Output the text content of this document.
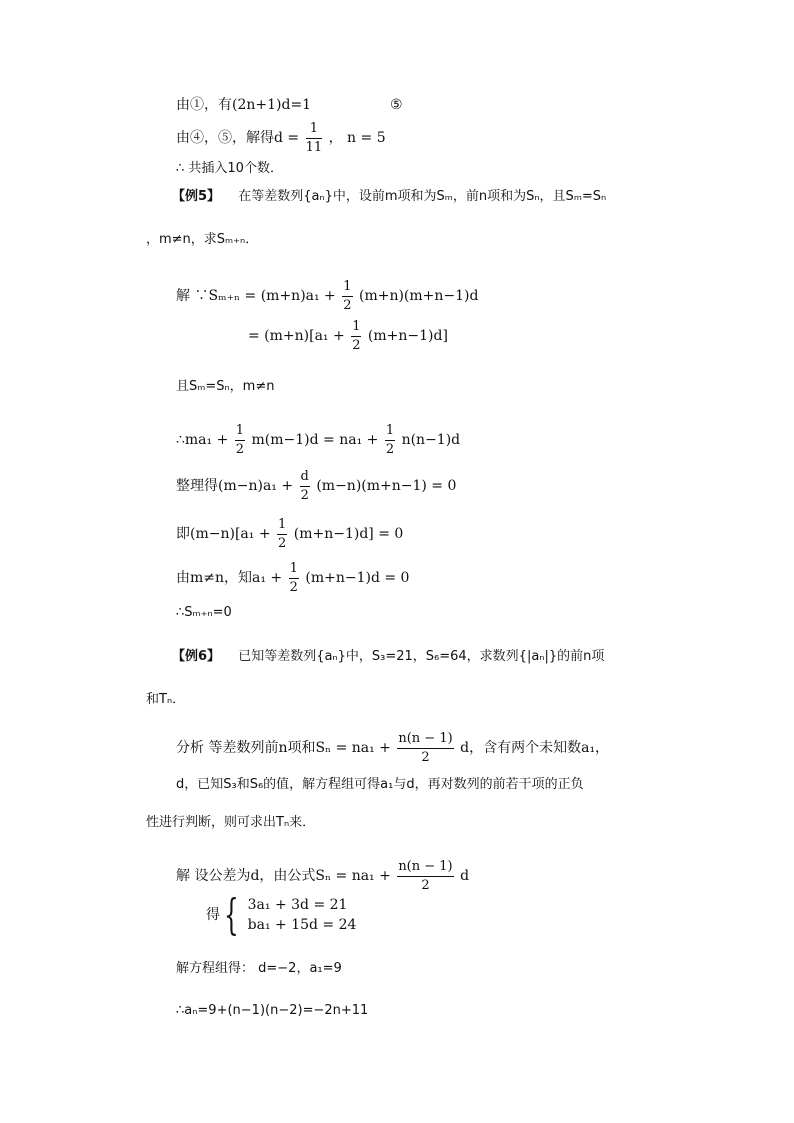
由①，有(2n+1)d=1	⑤
由④，⑤，解得$d = \frac{1}{11}$ ， n = 5
∴ 共插入10个数．
【例5】 在等差数列{aₙ}中，设前m项和为Sₘ，前n项和为Sₙ，且Sₘ=Sₙ
，m≠n，求Sₘ₊ₙ．
解 ∵Sₘ₊ₙ = $(m+n)a_1 + \frac{1}{2} (m+n)(m+n-1)d$
= $(m+n)[a_1 + \frac{1}{2} (m+n-1)d]$
且Sₘ=Sₙ，m≠n
∴ma₁ + $\frac{1}{2} m(m-1)d = na_1 + \frac{1}{2} n(n-1)d$
整理得$(m-n)a_1 + \frac{d}{2} (m-n)(m+n-1) = 0$
即$(m-n)[a_1 + \frac{1}{2} (m+n-1)d] = 0$
由m≠n，知$a_1 + \frac{1}{2} (m+n-1)d = 0$
∴Sₘ₊ₙ=0
【例6】 已知等差数列{aₙ}中，S₃=21，S₆=64，求数列{|aₙ|}的前n项
和Tₙ．
分析 等差数列前n项和$S_n = na_1 + \frac{n(n - 1)}{2}$ d，含有两个未知数a₁，
d，已知S₃和S₆的值，解方程组可得a₁与d，再对数列的前若干项的正负
性进行判断，则可求出Tₙ来．
解 设公差为d，由公式$S_n = na_1 + \frac{n(n - 1)}{2}$ d
得 { 3a₁ + 3d = 21
ba₁ + 15d = 24
解方程组得： d=−2，a₁=9
∴aₙ=9+(n−1)(n−2)=−2n+11
